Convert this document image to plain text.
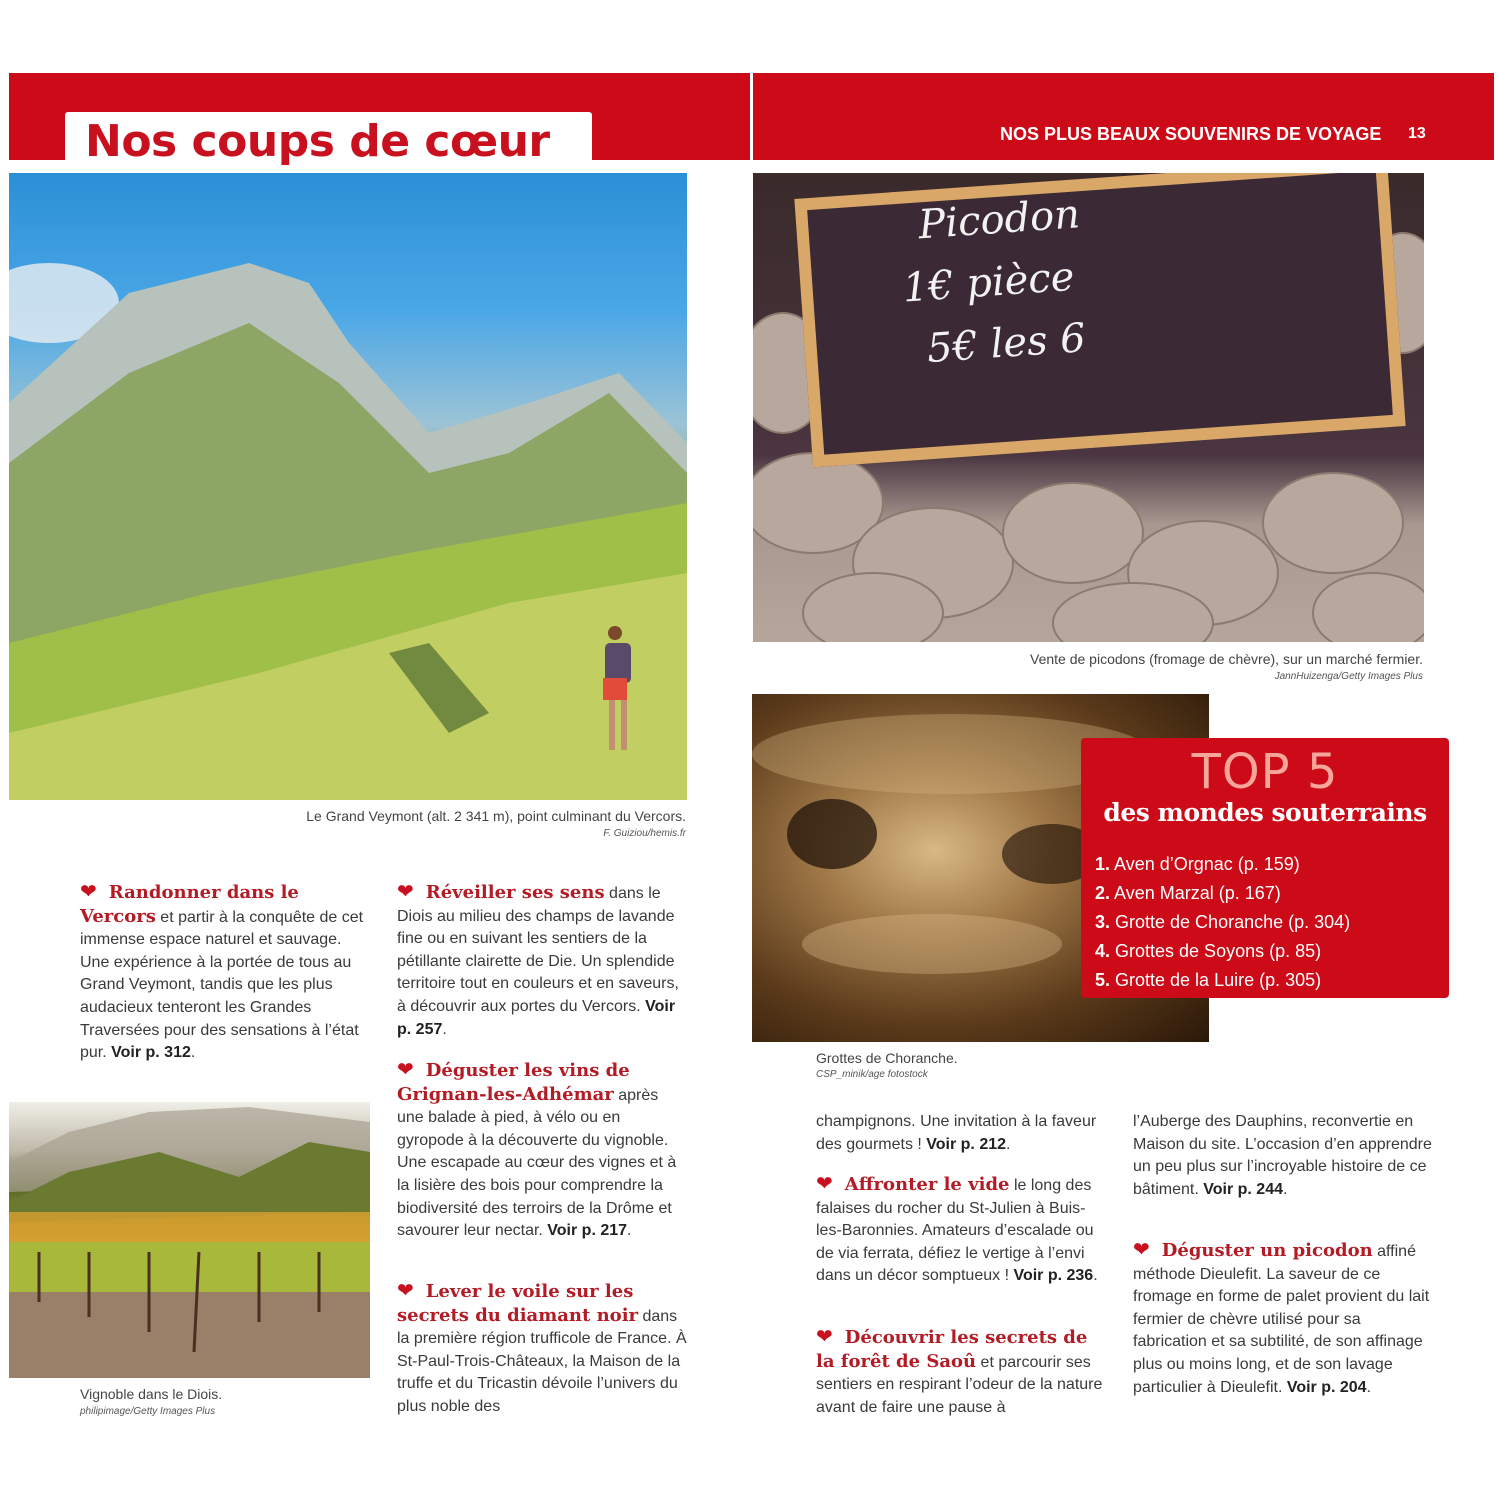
Nos coups de cœur	NOS PLUS BEAUX SOUVENIRS DE VOYAGE 13
Le Grand Veymont (alt. 2 341 m), point culminant du Vercors.
F. Guiziou/hemis.fr
Vignoble dans le Diois.
philipimage/Getty Images Plus
Picodon
1€ pièce
5€ les 6
Vente de picodons (fromage de chèvre), sur un marché fermier.
JannHuizenga/Getty Images Plus
Grottes de Choranche.
CSP_minik/age fotostock
TOP 5
des mondes souterrains
1. Aven d’Orgnac (p. 159)
2. Aven Marzal (p. 167)
3. Grotte de Choranche (p. 304)
4. Grottes de Soyons (p. 85)
5. Grotte de la Luire (p. 305)
❤ Randonner dans le Vercors et partir à la conquête de cet immense espace naturel et sauvage. Une expérience à la portée de tous au Grand Veymont, tandis que les plus audacieux tenteront les Grandes Traversées pour des sensations à l’état pur. Voir p. 312.
❤ Réveiller ses sens dans le Diois au milieu des champs de lavande fine ou en suivant les sentiers de la pétillante clairette de Die. Un splendide territoire tout en couleurs et en saveurs, à découvrir aux portes du Vercors. Voir p. 257.
❤ Déguster les vins de Grignan-les-Adhémar après une balade à pied, à vélo ou en gyropode à la découverte du vignoble. Une escapade au cœur des vignes et à la lisière des bois pour comprendre la biodiversité des terroirs de la Drôme et savourer leur nectar. Voir p. 217.
❤ Lever le voile sur les secrets du diamant noir dans la première région trufficole de France. À St-Paul-Trois-Châteaux, la Maison de la truffe et du Tricastin dévoile l’univers du plus noble des
champignons. Une invitation à la faveur des gourmets ! Voir p. 212.
❤ Affronter le vide le long des falaises du rocher du St-Julien à Buis-les-Baronnies. Amateurs d’escalade ou de via ferrata, défiez le vertige à l’envi dans un décor somptueux ! Voir p. 236.
❤ Découvrir les secrets de la forêt de Saoû et parcourir ses sentiers en respirant l’odeur de la nature avant de faire une pause à
l’Auberge des Dauphins, reconvertie en Maison du site. L’occasion d’en apprendre un peu plus sur l’incroyable histoire de ce bâtiment. Voir p. 244.
❤ Déguster un picodon affiné méthode Dieulefit. La saveur de ce fromage en forme de palet provient du lait fermier de chèvre utilisé pour sa fabrication et sa subtilité, de son affinage plus ou moins long, et de son lavage particulier à Dieulefit. Voir p. 204.
